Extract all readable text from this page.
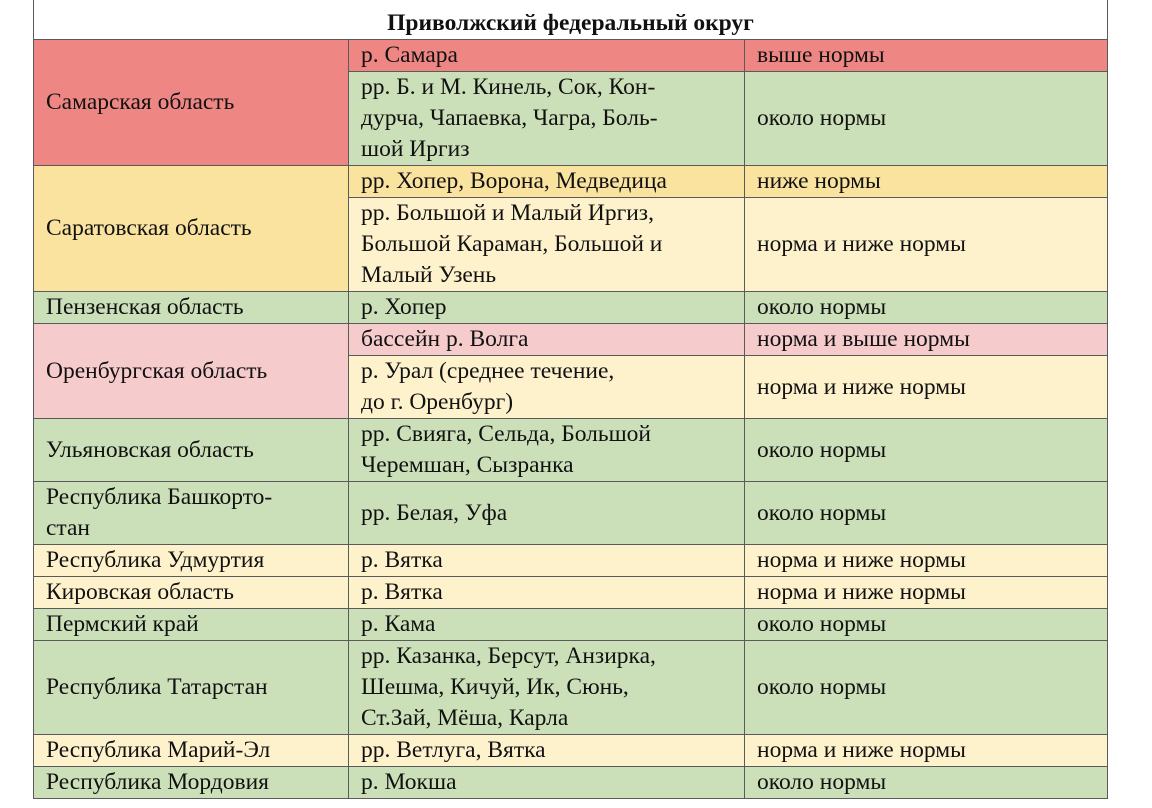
Приволжский федеральный округ		

Самарская область	р. Самара	выше нормы

	рр. Б. и М. Кинель, Сок, Кон-
дурча, Чапаевка, Чагра, Боль-
шой Иргиз	около нормы

Саратовская область	рр. Хопер, Ворона, Медведица	ниже нормы

	рр. Большой и Малый Иргиз,
Большой Караман, Большой и
Малый Узень	норма и ниже нормы

Пензенская область	р. Хопер	около нормы

Оренбургская область	бассейн р. Волга	норма и выше нормы

	р. Урал (среднее течение,
до г. Оренбург)	норма и ниже нормы

Ульяновская область	рр. Свияга, Сельда, Большой
Черемшан, Сызранка	около нормы

Республика Башкорто-
стан	рр. Белая, Уфа	около нормы

Республика Удмуртия	р. Вятка	норма и ниже нормы

Кировская область	р. Вятка	норма и ниже нормы

Пермский край	р. Кама	около нормы

Республика Татарстан	рр. Казанка, Берсут, Анзирка,
Шешма, Кичуй, Ик, Сюнь,
Ст.Зай, Мёша, Карла	около нормы

Республика Марий-Эл	рр. Ветлуга, Вятка	норма и ниже нормы

Республика Мордовия	р. Мокша	около нормы
